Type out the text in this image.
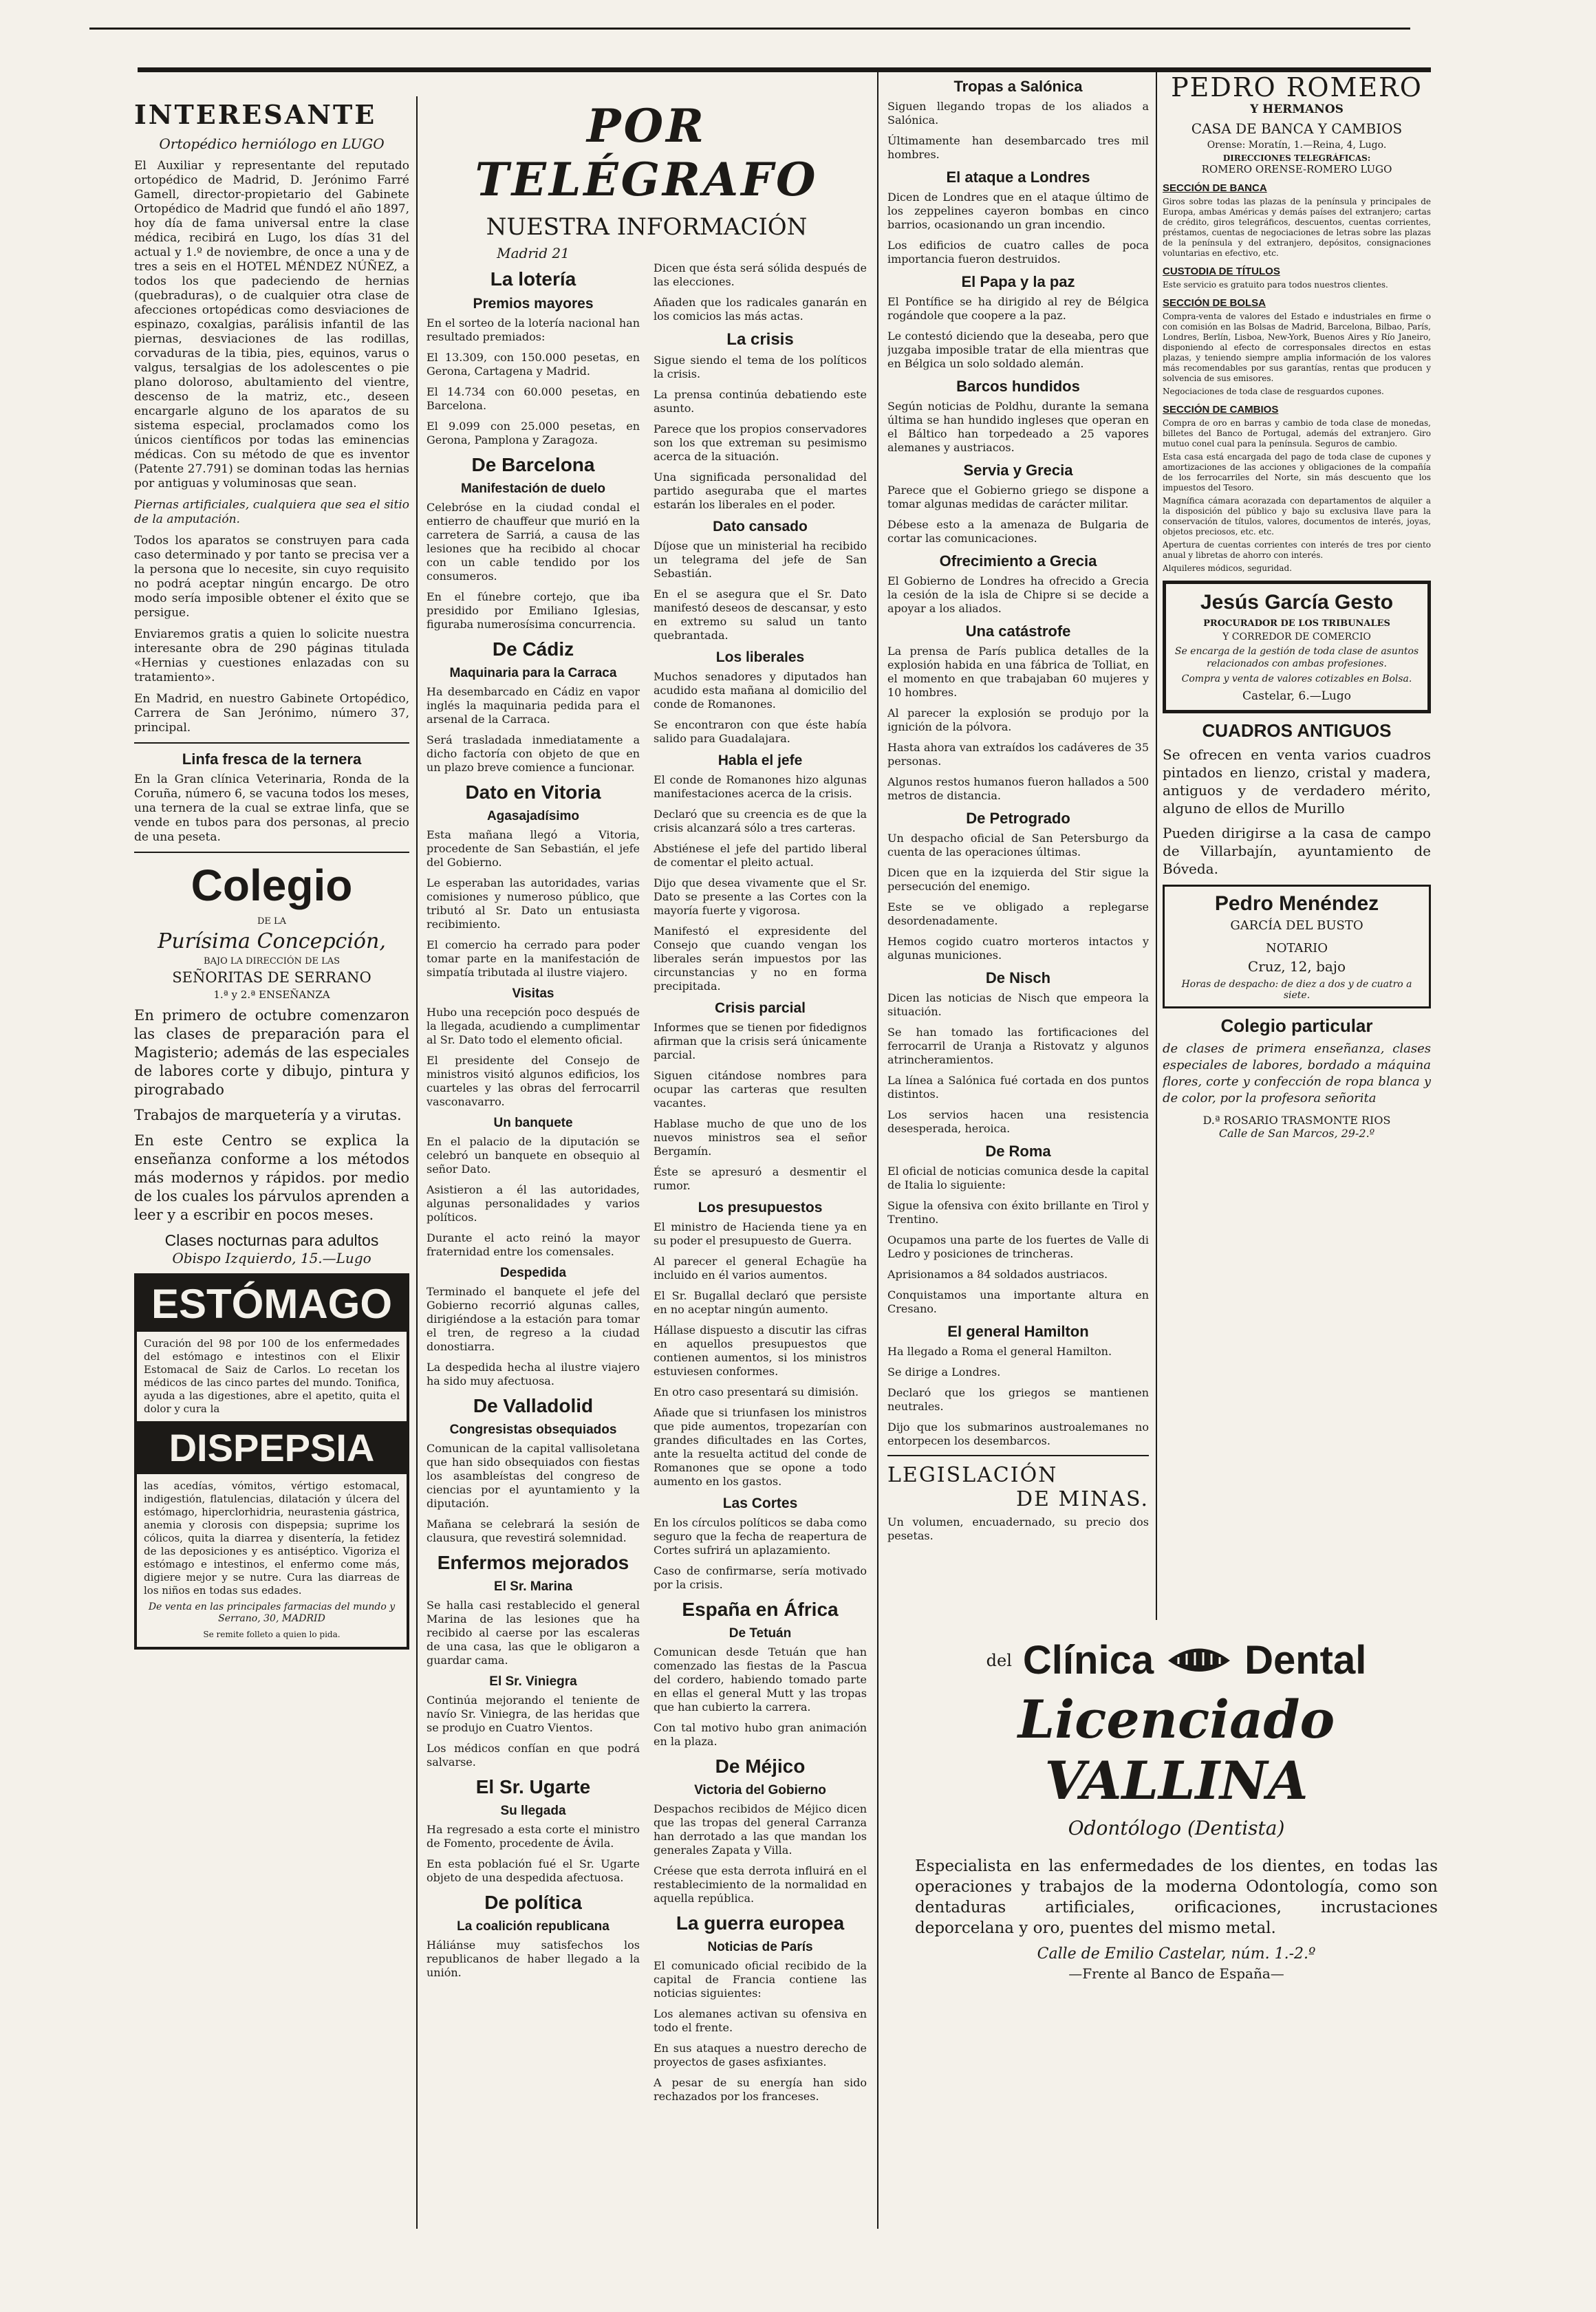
INTERESANTE

Ortopédico herniólogo en LUGO

El Auxiliar y representante del reputado ortopédico de Madrid, D. Jerónimo Farré Gamell, director-propietario del Gabinete Ortopédico de Madrid que fundó el año 1897, hoy día de fama universal entre la clase médica, recibirá en Lugo, los días 31 del actual y 1.º de noviembre, de once a una y de tres a seis en el HOTEL MÉNDEZ NÚÑEZ, a todos los que padeciendo de hernias (quebraduras), o de cualquier otra clase de afecciones ortopédicas como desviaciones de espinazo, coxalgias, parálisis infantil de las piernas, desviaciones de las rodillas, corvaduras de la tibia, pies, equinos, varus o valgus, tersalgias de los adolescentes o pie plano doloroso, abultamiento del vientre, descenso de la matriz, etc., deseen encargarle alguno de los aparatos de su sistema especial, proclamados como los únicos científicos por todas las eminencias médicas. Con su método de que es inventor (Patente 27.791) se dominan todas las hernias por antiguas y voluminosas que sean.

Piernas artificiales, cualquiera que sea el sitio de la amputación.

Todos los aparatos se construyen para cada caso determinado y por tanto se precisa ver a la persona que lo necesite, sin cuyo requisito no podrá aceptar ningún encargo. De otro modo sería imposible obtener el éxito que se persigue.

Enviaremos gratis a quien lo solicite nuestra interesante obra de 290 páginas titulada «Hernias y cuestiones enlazadas con su tratamiento».

En Madrid, en nuestro Gabinete Ortopédico, Carrera de San Jerónimo, número 37, principal.

Linfa fresca de la ternera

En la Gran clínica Veterinaria, Ronda de la Coruña, número 6, se vacuna todos los meses, una ternera de la cual se extrae linfa, que se vende en tubos para dos personas, al precio de una peseta.

Colegio
DE LA
Purísima Concepción,
BAJO LA DIRECCIÓN DE LAS
SEÑORITAS DE SERRANO
1.ª y 2.ª ENSEÑANZA

En primero de octubre comenzaron las clases de preparación para el Magisterio; además de las especiales de labores corte y dibujo, pintura y pirograbado

Trabajos de marquetería y a virutas.

En este Centro se explica la enseñanza conforme a los métodos más modernos y rápidos. por medio de los cuales los párvulos aprenden a leer y a escribir en pocos meses.

Clases nocturnas para adultos
Obispo Izquierdo, 15.—Lugo
ESTÓMAGO

Curación del 98 por 100 de los enfermedades del estómago e intestinos con el Elixir Estomacal de Saiz de Carlos. Lo recetan los médicos de las cinco partes del mundo. Tonifica, ayuda a las digestiones, abre el apetito, quita el dolor y cura la

DISPEPSIA

las acedías, vómitos, vértigo estomacal, indigestión, flatulencias, dilatación y úlcera del estómago, hiperclorhidria, neurastenia gástrica, anemia y clorosis con dispepsia; suprime los cólicos, quita la diarrea y disentería, la fetidez de las deposiciones y es antiséptico. Vigoriza el estómago e intestinos, el enfermo come más, digiere mejor y se nutre. Cura las diarreas de los niños en todas sus edades.

De venta en las principales farmacias del mundo y Serrano, 30, MADRID

Se remite folleto a quien lo pida.

POR TELÉGRAFO
NUESTRA INFORMACIÓN
Madrid 21
La lotería
Premios mayores

En el sorteo de la lotería nacional han resultado premiados:

El 13.309, con 150.000 pesetas, en Gerona, Cartagena y Madrid.

El 14.734 con 60.000 pesetas, en Barcelona.

El 9.099 con 25.000 pesetas, en Gerona, Pamplona y Zaragoza.

De Barcelona
Manifestación de duelo

Celebróse en la ciudad condal el entierro de chauffeur que murió en la carretera de Sarriá, a causa de las lesiones que ha recibido al chocar con un cable tendido por los consumeros.

En el fúnebre cortejo, que iba presidido por Emiliano Iglesias, figuraba numerosísima concurrencia.

De Cádiz
Maquinaria para la Carraca

Ha desembarcado en Cádiz en vapor inglés la maquinaria pedida para el arsenal de la Carraca.

Será trasladada inmediatamente a dicho factoría con objeto de que en un plazo breve comience a funcionar.

Dato en Vitoria
Agasajadísimo

Esta mañana llegó a Vitoria, procedente de San Sebastián, el jefe del Gobierno.

Le esperaban las autoridades, varias comisiones y numeroso público, que tributó al Sr. Dato un entusiasta recibimiento.

El comercio ha cerrado para poder tomar parte en la manifestación de simpatía tributada al ilustre viajero.

Visitas

Hubo una recepción poco después de la llegada, acudiendo a cumplimentar al Sr. Dato todo el elemento oficial.

El presidente del Consejo de ministros visitó algunos edificios, los cuarteles y las obras del ferrocarril vasconavarro.

Un banquete

En el palacio de la diputación se celebró un banquete en obsequio al señor Dato.

Asistieron a él las autoridades, algunas personalidades y varios políticos.

Durante el acto reinó la mayor fraternidad entre los comensales.

Despedida

Terminado el banquete el jefe del Gobierno recorrió algunas calles, dirigiéndose a la estación para tomar el tren, de regreso a la ciudad donostiarra.

La despedida hecha al ilustre viajero ha sido muy afectuosa.

De Valladolid
Congresistas obsequiados

Comunican de la capital vallisoletana que han sido obsequiados con fiestas los asambleístas del congreso de ciencias por el ayuntamiento y la diputación.

Mañana se celebrará la sesión de clausura, que revestirá solemnidad.

Enfermos mejorados
El Sr. Marina

Se halla casi restablecido el general Marina de las lesiones que ha recibido al caerse por las escaleras de una casa, las que le obligaron a guardar cama.

El Sr. Viniegra

Continúa mejorando el teniente de navío Sr. Viniegra, de las heridas que se produjo en Cuatro Vientos.

Los médicos confían en que podrá salvarse.

El Sr. Ugarte
Su llegada

Ha regresado a esta corte el ministro de Fomento, procedente de Ávila.

En esta población fué el Sr. Ugarte objeto de una despedida afectuosa.

De política
La coalición republicana

Háliánse muy satisfechos los republicanos de haber llegado a la unión.

Dicen que ésta será sólida después de las elecciones.

Añaden que los radicales ganarán en los comicios las más actas.

La crisis

Sigue siendo el tema de los políticos la crisis.

La prensa continúa debatiendo este asunto.

Parece que los propios conservadores son los que extreman su pesimismo acerca de la situación.

Una significada personalidad del partido aseguraba que el martes estarán los liberales en el poder.

Dato cansado

Díjose que un ministerial ha recibido un telegrama del jefe de San Sebastián.

En el se asegura que el Sr. Dato manifestó deseos de descansar, y esto en extremo su salud un tanto quebrantada.

Los liberales

Muchos senadores y diputados han acudido esta mañana al domicilio del conde de Romanones.

Se encontraron con que éste había salido para Guadalajara.

Habla el jefe

El conde de Romanones hizo algunas manifestaciones acerca de la crisis.

Declaró que su creencia es de que la crisis alcanzará sólo a tres carteras.

Abstiénese el jefe del partido liberal de comentar el pleito actual.

Dijo que desea vivamente que el Sr. Dato se presente a las Cortes con la mayoría fuerte y vigorosa.

Manifestó el expresidente del Consejo que cuando vengan los liberales serán impuestos por las circunstancias y no en forma precipitada.

Crisis parcial

Informes que se tienen por fidedignos afirman que la crisis será únicamente parcial.

Siguen citándose nombres para ocupar las carteras que resulten vacantes.

Hablase mucho de que uno de los nuevos ministros sea el señor Bergamín.

Éste se apresuró a desmentir el rumor.

Los presupuestos

El ministro de Hacienda tiene ya en su poder el presupuesto de Guerra.

Al parecer el general Echagüe ha incluido en él varios aumentos.

El Sr. Bugallal declaró que persiste en no aceptar ningún aumento.

Hállase dispuesto a discutir las cifras en aquellos presupuestos que contienen aumentos, si los ministros estuviesen conformes.

En otro caso presentará su dimisión.

Añade que si triunfasen los ministros que pide aumentos, tropezarían con grandes dificultades en las Cortes, ante la resuelta actitud del conde de Romanones que se opone a todo aumento en los gastos.

Las Cortes

En los círculos políticos se daba como seguro que la fecha de reapertura de Cortes sufrirá un aplazamiento.

Caso de confirmarse, sería motivado por la crisis.

España en África
De Tetuán

Comunican desde Tetuán que han comenzado las fiestas de la Pascua del cordero, habiendo tomado parte en ellas el general Mutt y las tropas que han cubierto la carrera.

Con tal motivo hubo gran animación en la plaza.

De Méjico
Victoria del Gobierno

Despachos recibidos de Méjico dicen que las tropas del general Carranza han derrotado a las que mandan los generales Zapata y Villa.

Créese que esta derrota influirá en el restablecimiento de la normalidad en aquella república.

La guerra europea
Noticias de París

El comunicado oficial recibido de la capital de Francia contiene las noticias siguientes:

Los alemanes activan su ofensiva en todo el frente.

En sus ataques a nuestro derecho de proyectos de gases asfixiantes.

A pesar de su energía han sido rechazados por los franceses.

Tropas a Salónica

Siguen llegando tropas de los aliados a Salónica.

Últimamente han desembarcado tres mil hombres.

El ataque a Londres

Dicen de Londres que en el ataque último de los zeppelines cayeron bombas en cinco barrios, ocasionando un gran incendio.

Los edificios de cuatro calles de poca importancia fueron destruidos.

El Papa y la paz

El Pontífice se ha dirigido al rey de Bélgica rogándole que coopere a la paz.

Le contestó diciendo que la deseaba, pero que juzgaba imposible tratar de ella mientras que en Bélgica un solo soldado alemán.

Barcos hundidos

Según noticias de Poldhu, durante la semana última se han hundido ingleses que operan en el Báltico han torpedeado a 25 vapores alemanes y austriacos.

Servia y Grecia

Parece que el Gobierno griego se dispone a tomar algunas medidas de carácter militar.

Débese esto a la amenaza de Bulgaria de cortar las comunicaciones.

Ofrecimiento a Grecia

El Gobierno de Londres ha ofrecido a Grecia la cesión de la isla de Chipre si se decide a apoyar a los aliados.

Una catástrofe

La prensa de París publica detalles de la explosión habida en una fábrica de Tolliat, en el momento en que trabajaban 60 mujeres y 10 hombres.

Al parecer la explosión se produjo por la ignición de la pólvora.

Hasta ahora van extraídos los cadáveres de 35 personas.

Algunos restos humanos fueron hallados a 500 metros de distancia.

De Petrogrado

Un despacho oficial de San Petersburgo da cuenta de las operaciones últimas.

Dicen que en la izquierda del Stir sigue la persecución del enemigo.

Este se ve obligado a replegarse desordenadamente.

Hemos cogido cuatro morteros intactos y algunas municiones.

De Nisch

Dicen las noticias de Nisch que empeora la situación.

Se han tomado las fortificaciones del ferrocarril de Uranja a Ristovatz y algunos atrincheramientos.

La línea a Salónica fué cortada en dos puntos distintos.

Los servios hacen una resistencia desesperada, heroica.

De Roma

El oficial de noticias comunica desde la capital de Italia lo siguiente:

Sigue la ofensiva con éxito brillante en Tirol y Trentino.

Ocupamos una parte de los fuertes de Valle di Ledro y posiciones de trincheras.

Aprisionamos a 84 soldados austriacos.

Conquistamos una importante altura en Cresano.

El general Hamilton

Ha llegado a Roma el general Hamilton.

Se dirige a Londres.

Declaró que los griegos se mantienen neutrales.

Dijo que los submarinos austroalemanes no entorpecen los desembarcos.

LEGISLACIÓN
DE MINAS.

Un volumen, encuadernado, su precio dos pesetas.

PEDRO ROMERO
Y HERMANOS
CASA DE BANCA Y CAMBIOS
Orense: Moratín, 1.—Reina, 4, Lugo.
DIRECCIONES TELEGRÁFICAS:
ROMERO ORENSE-ROMERO LUGO
SECCIÓN DE BANCA

Giros sobre todas las plazas de la península y principales de Europa, ambas Américas y demás países del extranjero; cartas de crédito, giros telegráficos, descuentos, cuentas corrientes, préstamos, cuentas de negociaciones de letras sobre las plazas de la península y del extranjero, depósitos, consignaciones voluntarias en efectivo, etc.

CUSTODIA DE TÍTULOS

Este servicio es gratuito para todos nuestros clientes.

SECCIÓN DE BOLSA

Compra-venta de valores del Estado e industriales en firme o con comisión en las Bolsas de Madrid, Barcelona, Bilbao, París, Londres, Berlín, Lisboa, New-York, Buenos Aires y Río Janeiro, disponiendo al efecto de corresponsales directos en estas plazas, y teniendo siempre amplia información de los valores más recomendables por sus garantías, rentas que producen y solvencia de sus emisores.

Negociaciones de toda clase de resguardos cupones.

SECCIÓN DE CAMBIOS

Compra de oro en barras y cambio de toda clase de monedas, billetes del Banco de Portugal, además del extranjero. Giro mutuo conel cual para la península. Seguros de cambio.

Esta casa está encargada del pago de toda clase de cupones y amortizaciones de las acciones y obligaciones de la compañía de los ferrocarriles del Norte, sin más descuento que los impuestos del Tesoro.

Magnífica cámara acorazada con departamentos de alquiler a la disposición del público y bajo su exclusiva llave para la conservación de títulos, valores, documentos de interés, joyas, objetos preciosos, etc. etc.

Apertura de cuentas corrientes con interés de tres por ciento anual y libretas de ahorro con interés.

Alquileres módicos, seguridad.

Jesús García Gesto
PROCURADOR DE LOS TRIBUNALES
Y CORREDOR DE COMERCIO
Se encarga de la gestión de toda clase de asuntos relacionados con ambas profesiones.
Compra y venta de valores cotizables en Bolsa.
Castelar, 6.—Lugo
CUADROS ANTIGUOS

Se ofrecen en venta varios cuadros pintados en lienzo, cristal y madera, antiguos y de verdadero mérito, alguno de ellos de Murillo

Pueden dirigirse a la casa de campo de Villarbajín, ayuntamiento de Bóveda.

Pedro Menéndez
GARCÍA DEL BUSTO
NOTARIO
Cruz, 12, bajo
Horas de despacho: de diez a dos y de cuatro a siete.
Colegio particular

de clases de primera enseñanza, clases especiales de labores, bordado a máquina flores, corte y confección de ropa blanca y de color, por la profesora señorita

D.ª ROSARIO TRASMONTE RIOS
Calle de San Marcos, 29-2.º
del Clínica Dental
Licenciado VALLINA
Odontólogo (Dentista)

Especialista en las enfermedades de los dientes, en todas las operaciones y trabajos de la moderna Odontología, como son dentaduras artificiales, orificaciones, incrustaciones deporcelana y oro, puentes del mismo metal.

Calle de Emilio Castelar, núm. 1.-2.º
—Frente al Banco de España—
